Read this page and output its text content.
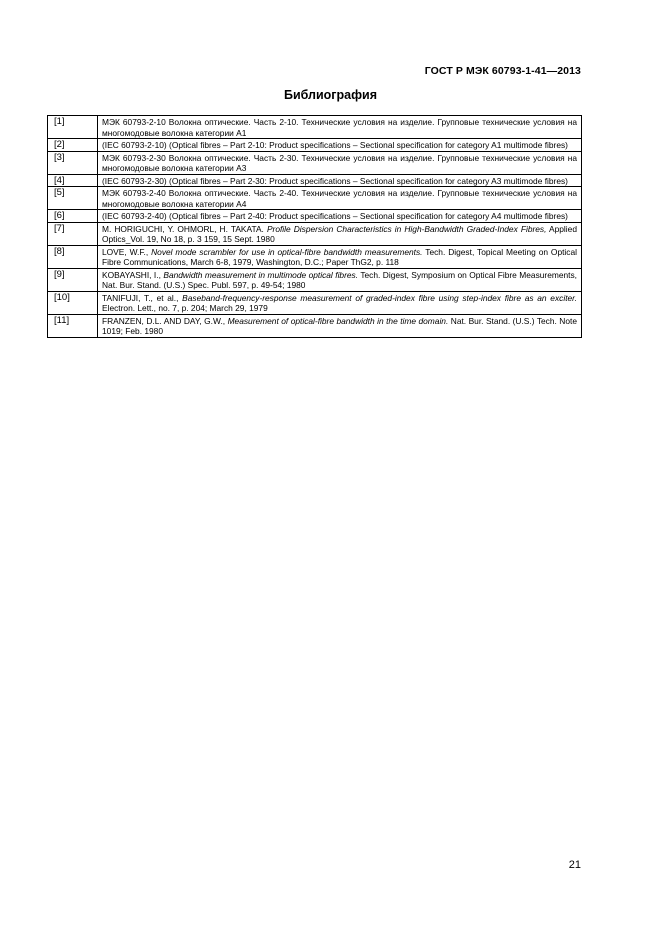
ГОСТ Р МЭК 60793-1-41—2013
Библиография
[1]	МЭК 60793-2-10 Волокна оптические. Часть 2-10. Технические условия на изделие. Групповые технические условия на многомодовые волокна категории А1
[2]	(IEC 60793-2-10) (Optical fibres – Part 2-10: Product specifications – Sectional specification for category A1 multimode fibres)
[3]	МЭК 60793-2-30 Волокна оптические. Часть 2-30. Технические условия на изделие. Групповые технические условия на многомодовые волокна категории А3
[4]	(IEC 60793-2-30) (Optical fibres – Part 2-30: Product specifications – Sectional specification for category A3 multimode fibres)
[5]	МЭК 60793-2-40 Волокна оптические. Часть 2-40. Технические условия на изделие. Групповые технические условия на многомодовые волокна категории А4
[6]	(IEC 60793-2-40) (Optical fibres – Part 2-40: Product specifications – Sectional specification for category A4 multimode fibres)
[7]	M. HORIGUCHI, Y. OHMORL, H. TAKATA. Profile Dispersion Characteristics in High-Bandwidth Graded-Index Fibres, Applied Optics_Vol. 19, No 18, p. 3 159, 15 Sept. 1980
[8]	LOVE, W.F., Novel mode scrambler for use in optical-fibre bandwidth measurements. Tech. Digest, Topical Meeting on Optical Fibre Communications, March 6-8, 1979, Washington, D.C.; Paper ThG2, p. 118
[9]	KOBAYASHI, I., Bandwidth measurement in multimode optical fibres. Tech. Digest, Symposium on Optical Fibre Measurements, Nat. Bur. Stand. (U.S.) Spec. Publ. 597, p. 49-54; 1980
[10]	TANIFUJI, T., et al., Baseband-frequency-response measurement of graded-index fibre using step-index fibre as an exciter. Electron. Lett., no. 7, p. 204; March 29, 1979
[11]	FRANZEN, D.L. AND DAY, G.W., Measurement of optical-fibre bandwidth in the time domain. Nat. Bur. Stand. (U.S.) Tech. Note 1019; Feb. 1980
21
